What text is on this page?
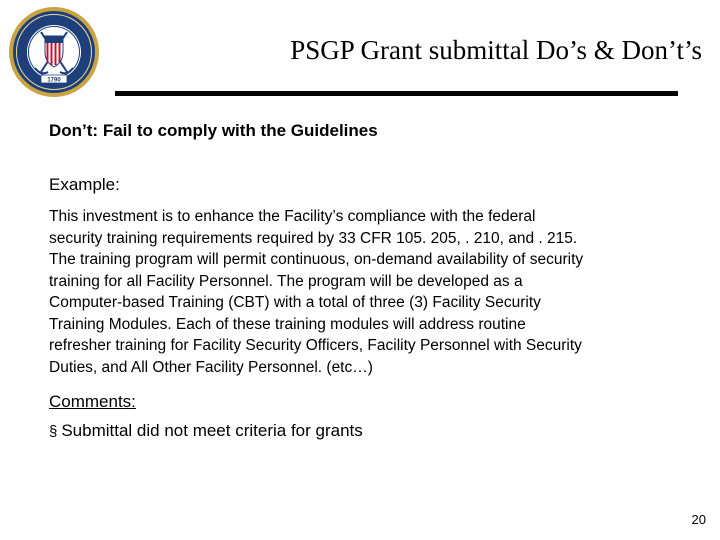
1790
PSGP Grant submittal Do’s & Don’t’s
Don’t: Fail to comply with the Guidelines
Example:
This investment is to enhance the Facility’s compliance with the federal
security training requirements required by 33 CFR 105. 205, . 210, and . 215.
The training program will permit continuous, on-demand availability of security
training for all Facility Personnel. The program will be developed as a
Computer-based Training (CBT) with a total of three (3) Facility Security
Training Modules. Each of these training modules will address routine
refresher training for Facility Security Officers, Facility Personnel with Security
Duties, and All Other Facility Personnel. (etc…)
Comments:
§ Submittal did not meet criteria for grants
20
